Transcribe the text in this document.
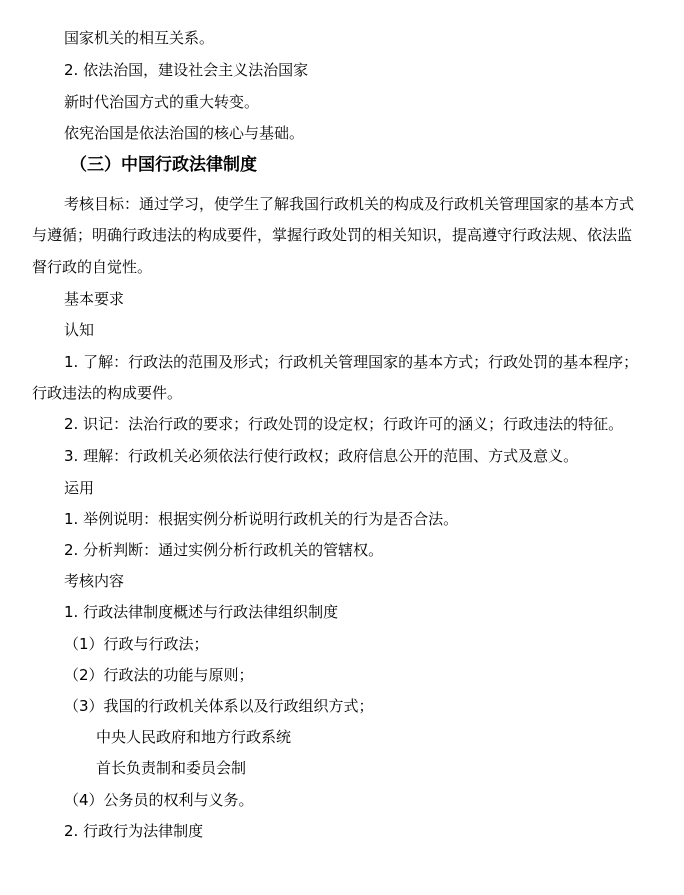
国家机关的相互关系。
2. 依法治国，建设社会主义法治国家
新时代治国方式的重大转变。
依宪治国是依法治国的核心与基础。
（三）中国行政法律制度
考核目标：通过学习，使学生了解我国行政机关的构成及行政机关管理国家的基本方式
与遵循；明确行政违法的构成要件，掌握行政处罚的相关知识，提高遵守行政法规、依法监
督行政的自觉性。
基本要求
认知
1. 了解：行政法的范围及形式；行政机关管理国家的基本方式；行政处罚的基本程序；
行政违法的构成要件。
2. 识记：法治行政的要求；行政处罚的设定权；行政许可的涵义；行政违法的特征。
3. 理解：行政机关必须依法行使行政权；政府信息公开的范围、方式及意义。
运用
1. 举例说明：根据实例分析说明行政机关的行为是否合法。
2. 分析判断：通过实例分析行政机关的管辖权。
考核内容
1. 行政法律制度概述与行政法律组织制度
（1）行政与行政法；
（2）行政法的功能与原则；
（3）我国的行政机关体系以及行政组织方式；
中央人民政府和地方行政系统
首长负责制和委员会制
（4）公务员的权利与义务。
2. 行政行为法律制度
